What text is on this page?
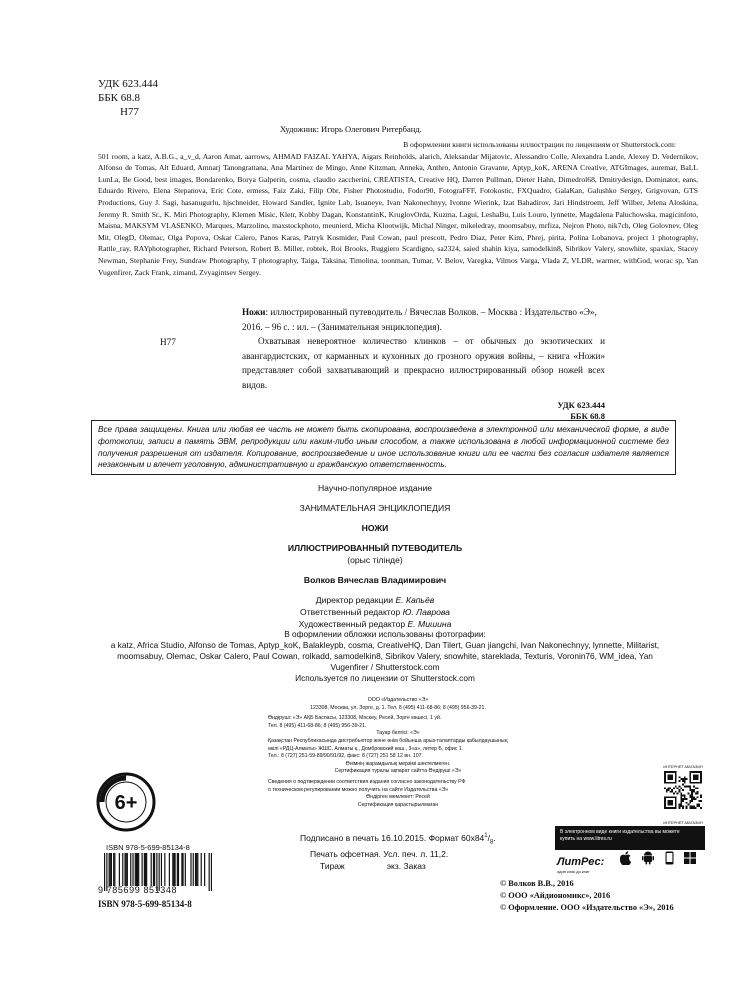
УДК 623.444
ББК 68.8
Н77
Художник: Игорь Олегович Ритербанд.
В оформлении книги использованы иллюстрации по лицензиям от Shutterstock.com:
501 room, a katz, A.B.G., a_v_d, Aaron Amat, aarrows, AHMAD FAIZAL YAHYA, Aigars Reinholds, alarich, Aleksandar Mijatovic, Alessandro Colle, Alexandra Lande, Alexey D. Vedernikov, Alfonso de Tomas, Alt Eduard, Amnarj Tanongrattana, Ana Martinez de Mingo, Anne Kitzman, Anneka, Anthro, Antonio Gravante, Aptyp_koK, ARENA Creative, ATGImages, auremar, BaLL LunLa, Be Good, best images, Bondarenko, Borya Galperin, cosma, claudio zaccherini, CREATISTA, Creative HQ, Darren Pullman, Dieter Hahn, Dimedrol68, Dmitrydesign, Dominator, eans, Eduardo Rivero, Elena Stepanova, Eric Cote, ermess, Faiz Zaki, Filip Obr, Fisher Photostudio, Fodor90, FotograFFF, Fotokostic, FXQuadro, GalaKan, Galushko Sergey, Grigvovan, GTS Productions, Guy J. Sagi, hasanugurlu, hjschneider, Howard Sandler, Ignite Lab, Isuaneye, Ivan Nakonechnyy, Ivonne Wierink, Izat Bahadirov, Jari Hindstroem, Jeff Wilber, Jelena Aloskina, Jeremy R. Smith Sr., K. Miri Photography, Klemen Misic, Kletr, Kobby Dagan, KonstantinK, KruglovOrda, Kuzma, Lagui, LeshaBu, Luis Louro, lynnette, Magdalena Paluchowska, magicinfoto, Maisna, MAKSYM VLASENKO, Marques, Marzolino, maxstockphoto, meunierd, Micha Klootwijk, Michal Ninger, mikeledray, moomsabuy, mrfiza, Nejron Photo, nik7ch, Oleg Golovnev, Oleg Mit, OlegD, Olemac, Olga Popova, Oskar Calero, Panos Karas, Patryk Kosmider, Paul Cowan, paul prescott, Pedro Diaz, Peter Kim, Phrej, pirita, Polina Lobanova, project 1 photography, Rattle_ray, RAYphotographer, Richard Peterson, Robert B. Miller, robtek, Roi Brooks, Ruggiero Scardigno, sa2324, saied shahin kiya, samodelkin8, Sibrikov Valery, snowhite, spaxiax, Stacey Newman, Stephanie Frey, Sundraw Photography, T photography, Taiga, Taksina, Timolina, toonman, Tumar, V. Belov, Varegka, Vilmos Varga, Vlada Z, VLDR, warmer, withGod, worac sp, Yan Vugenfirer, Zack Frank, zimand, Zvyagintsev Sergey.
Н77
Ножи: иллюстрированный путеводитель / Вячеслав Волков. – Москва : Издательство «Э», 2016. – 96 с. : ил. – (Занимательная энциклопедия).
Охватывая невероятное количество клинков – от обычных до экзотических и авангардистских, от карманных и кухонных до грозного оружия войны, – книга «Ножи» представляет собой захватывающий и прекрасно иллюстрированный обзор ножей всех видов.
УДК 623.444
ББК 68.8
Все права защищены. Книга или любая ее часть не может быть скопирована, воспроизведена в электронной или механической форме, в виде фотокопии, записи в память ЭВМ, репродукции или каким-либо иным способом, а также использована в любой информационной системе без получения разрешения от издателя. Копирование, воспроизведение и иное использование книги или ее части без согласия издателя является незаконным и влечет уголовную, административную и гражданскую ответственность.
Научно-популярное издание
ЗАНИМАТЕЛЬНАЯ ЭНЦИКЛОПЕДИЯ
НОЖИ
ИЛЛЮСТРИРОВАННЫЙ ПУТЕВОДИТЕЛЬ
(орыс тілінде)
Волков Вячеслав Владимирович
Директор редакции Е. Капьёв
Ответственный редактор Ю. Лаврова
Художественный редактор Е. Мишина
В оформлении обложки использованы фотографии:
a katz, Africa Studio, Alfonso de Tomas, Aptyp_koK, Balakleypb, cosma, CreativeHQ, Dan Tilert, Guan jiangchi, Ivan Nakonechnyy, lynnette, Militarist, moomsabuy, Olemac, Oskar Calero, Paul Cowan, rolkadd, samodelkin8, Sibrikov Valery, snowhite, stareklada, Texturis, Voronin76, WM_idea, Yan Vugenfirer / Shutterstock.com
Используется по лицензии от Shutterstock.com
ООО «Издательство «Э»
123308, Москва, ул. Зорге, д. 1. Тел. 8 (495) 411-68-86; 8 (495) 956-39-21.
Өндіруші: «Э» АҚБ Баспасы, 123308, Мәскеу, Ресей, Зорге көшесі, 1 үй.
Тел. 8 (495) 411-68-86; 8 (495) 956-39-21.
Тауар белгісі: «Э»
Қазақстан Республикасында дистрибьютор және өнім бойынша арыз-талаптарды қабылдаушының
өкілі «РДЦ-Алматы» ЖШС, Алматы қ., Домбровский көш., 3«а», литер Б, офис 1.
Тел.: 8 (727) 251-59-89/90/91/92, факс: 8 (727) 251 58 12 вн. 107.
Өнімнің жарамдылық мерзімі шектелмеген.
Сертификация туралы ақпарат сайтта Өндіруші «Э»
Сведения о подтверждении соответствия издания согласно законодательству РФ
о техническом регулировании можно получить на сайте Издательства «Э»
Өндірген мемлекет: Ресей
Сертификация қарастырылмаған
Подписано в печать 16.10.2015. Формат $60x84^1/_8$.
Печать офсетная. Усл. печ. л. 11,2.
Тираж	экз. Заказ
6+
ISBN 978-5-699-85134-8
9 785699 851348
ISBN 978-5-699-85134-8
ИНТЕРНЕТ-МАГАЗИН
ИНТЕРНЕТ-МАГАЗИН
В электронном виде книги издательства вы можете
купить на www.litres.ru
ЛитРес:
один клик до книг

© Волков В.В., 2016
© ООО «Айдиономикс», 2016
© Оформление. ООО «Издательство «Э», 2016
